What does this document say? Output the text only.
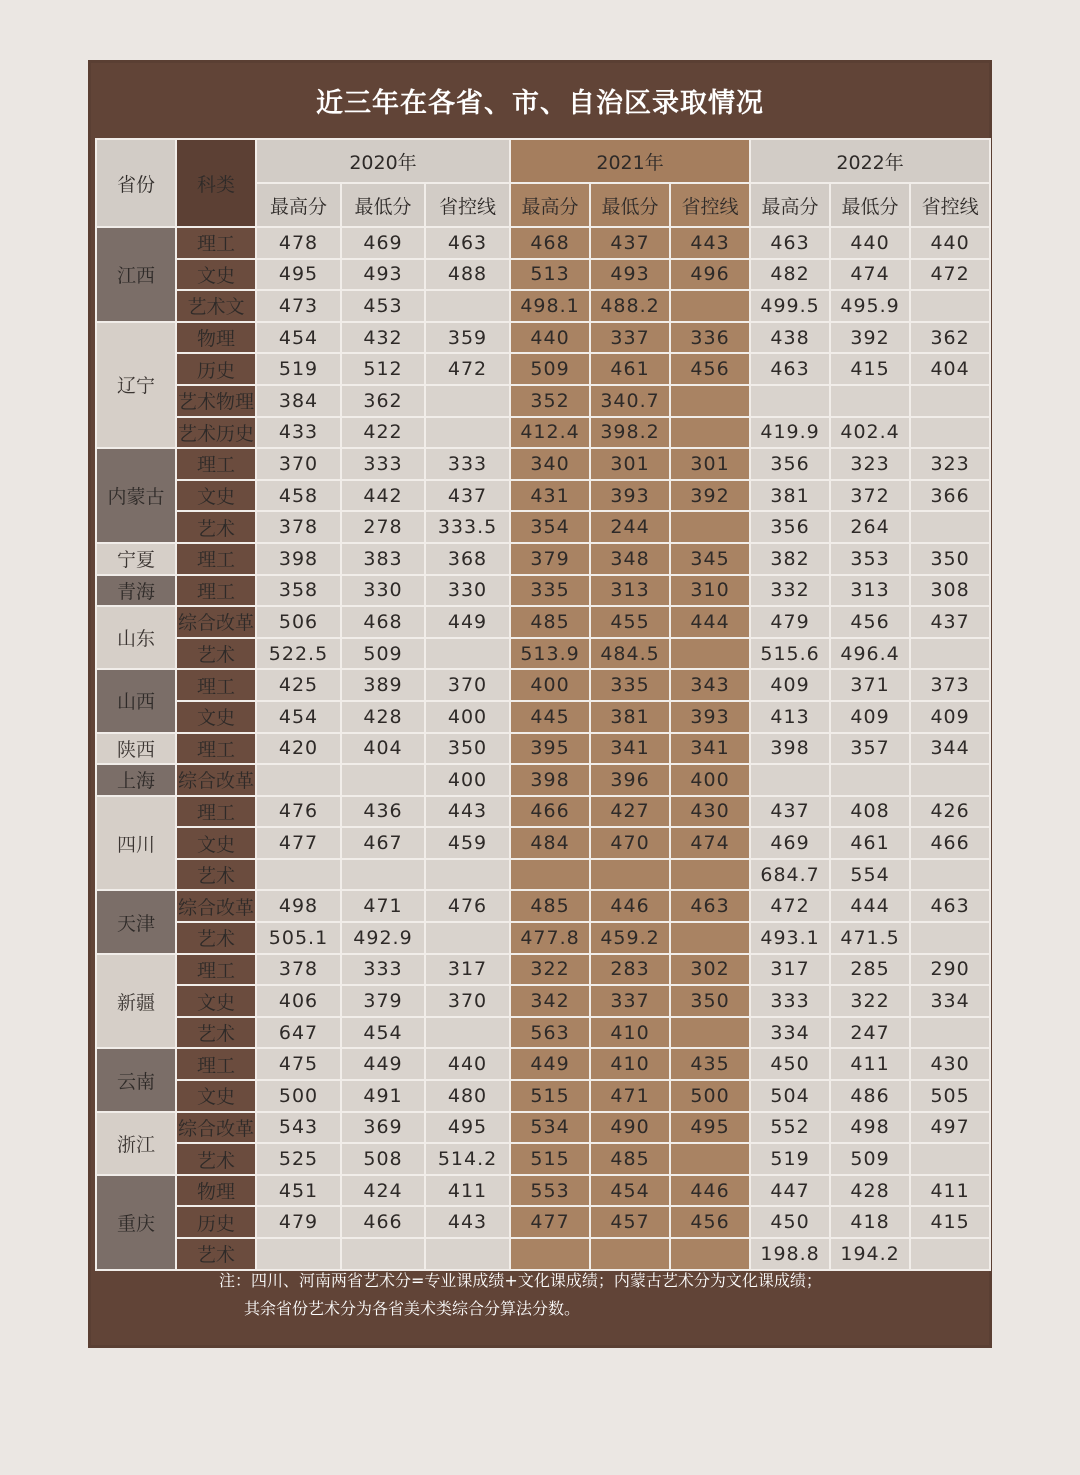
近三年在各省、市、自治区录取情况
省份	科类	2020年			2021年			2022年		
		最高分	最低分	省控线	最高分	最低分	省控线	最高分	最低分	省控线
江西	理工	478	469	463	468	437	443	463	440	440
	文史	495	493	488	513	493	496	482	474	472
	艺术文	473	453		498.1	488.2		499.5	495.9	
辽宁	物理	454	432	359	440	337	336	438	392	362
	历史	519	512	472	509	461	456	463	415	404
	艺术物理	384	362		352	340.7				
	艺术历史	433	422		412.4	398.2		419.9	402.4	
内蒙古	理工	370	333	333	340	301	301	356	323	323
	文史	458	442	437	431	393	392	381	372	366
	艺术	378	278	333.5	354	244		356	264	
宁夏	理工	398	383	368	379	348	345	382	353	350
青海	理工	358	330	330	335	313	310	332	313	308
山东	综合改革	506	468	449	485	455	444	479	456	437
	艺术	522.5	509		513.9	484.5		515.6	496.4	
山西	理工	425	389	370	400	335	343	409	371	373
	文史	454	428	400	445	381	393	413	409	409
陕西	理工	420	404	350	395	341	341	398	357	344
上海	综合改革			400	398	396	400			
四川	理工	476	436	443	466	427	430	437	408	426
	文史	477	467	459	484	470	474	469	461	466
	艺术							684.7	554	
天津	综合改革	498	471	476	485	446	463	472	444	463
	艺术	505.1	492.9		477.8	459.2		493.1	471.5	
新疆	理工	378	333	317	322	283	302	317	285	290
	文史	406	379	370	342	337	350	333	322	334
	艺术	647	454		563	410		334	247	
云南	理工	475	449	440	449	410	435	450	411	430
	文史	500	491	480	515	471	500	504	486	505
浙江	综合改革	543	369	495	534	490	495	552	498	497
	艺术	525	508	514.2	515	485		519	509	
重庆	物理	451	424	411	553	454	446	447	428	411
	历史	479	466	443	477	457	456	450	418	415
	艺术							198.8	194.2	
注：四川、河南两省艺术分=专业课成绩+文化课成绩；内蒙古艺术分为文化课成绩；
其余省份艺术分为各省美术类综合分算法分数。
